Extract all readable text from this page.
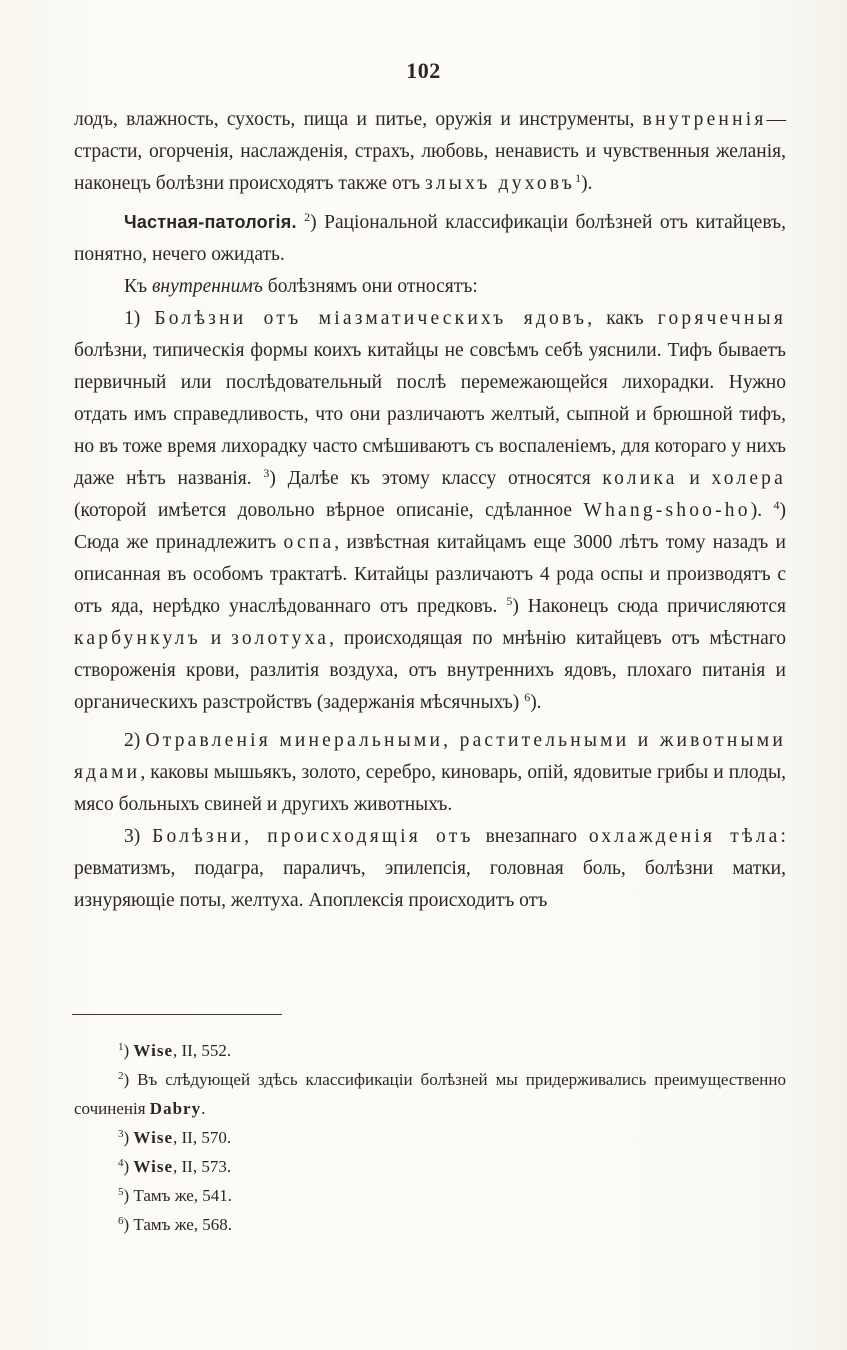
102

лодъ, влажность, сухость, пища и питье, оружія и инструменты, внутреннія—страсти, огорченія, наслажденія, страхъ, любовь, ненависть и чувственныя желанія, наконецъ болѣзни происходятъ также отъ злыхъ духовъ$^1$).

Частная-патологія. $^2$) Раціональной классификаціи болѣзней отъ китайцевъ, понятно, нечего ожидать.

Къ внутреннимъ болѣзнямъ они относятъ:

1) Болѣзни отъ міазматическихъ ядовъ, какъ горячечныя болѣзни, типическія формы коихъ китайцы не совсѣмъ себѣ уяснили. Тифъ бываетъ первичный или послѣдовательный послѣ перемежающейся лихорадки. Нужно отдать имъ справедливость, что они различаютъ желтый, сыпной и брюшной тифъ, но въ тоже время лихорадку часто смѣшиваютъ съ воспаленіемъ, для котораго у нихъ даже нѣтъ названія. $^3$) Далѣе къ этому классу относятся колика и холера (которой имѣется довольно вѣрное описаніе, сдѣланное Whang-shoo-ho). $^4$) Сюда же принадлежитъ оспа, извѣстная китайцамъ еще 3000 лѣтъ тому назадъ и описанная въ особомъ трактатѣ. Китайцы различаютъ 4 рода оспы и производятъ с отъ яда, нерѣдко унаслѣдованнаго отъ предковъ. $^5$) Наконецъ сюда причисляются карбункулъ и золотуха, происходящая по мнѣнію китайцевъ отъ мѣстнаго створоженія крови, разлитія воздуха, отъ внутреннихъ ядовъ, плохаго питанія и органическихъ разстройствъ (задержанія мѣсячныхъ) $^6$).

2) Отравленія минеральными, растительными и животными ядами, каковы мышьякъ, золото, серебро, киноварь, опій, ядовитые грибы и плоды, мясо больныхъ свиней и другихъ животныхъ.

3) Болѣзни, происходящія отъ внезапнаго охлажденія тѣла: ревматизмъ, подагра, параличъ, эпилепсія, головная боль, болѣзни матки, изнуряющіе поты, желтуха. Апоплексія происходитъ отъ

$^1$) Wise, II, 552.

$^2$) Въ слѣдующей здѣсь классификаціи болѣзней мы придерживались преимущественно сочиненія Dabry.

$^3$) Wise, II, 570.

$^4$) Wise, II, 573.

$^5$) Тамъ же, 541.

$^6$) Тамъ же, 568.
